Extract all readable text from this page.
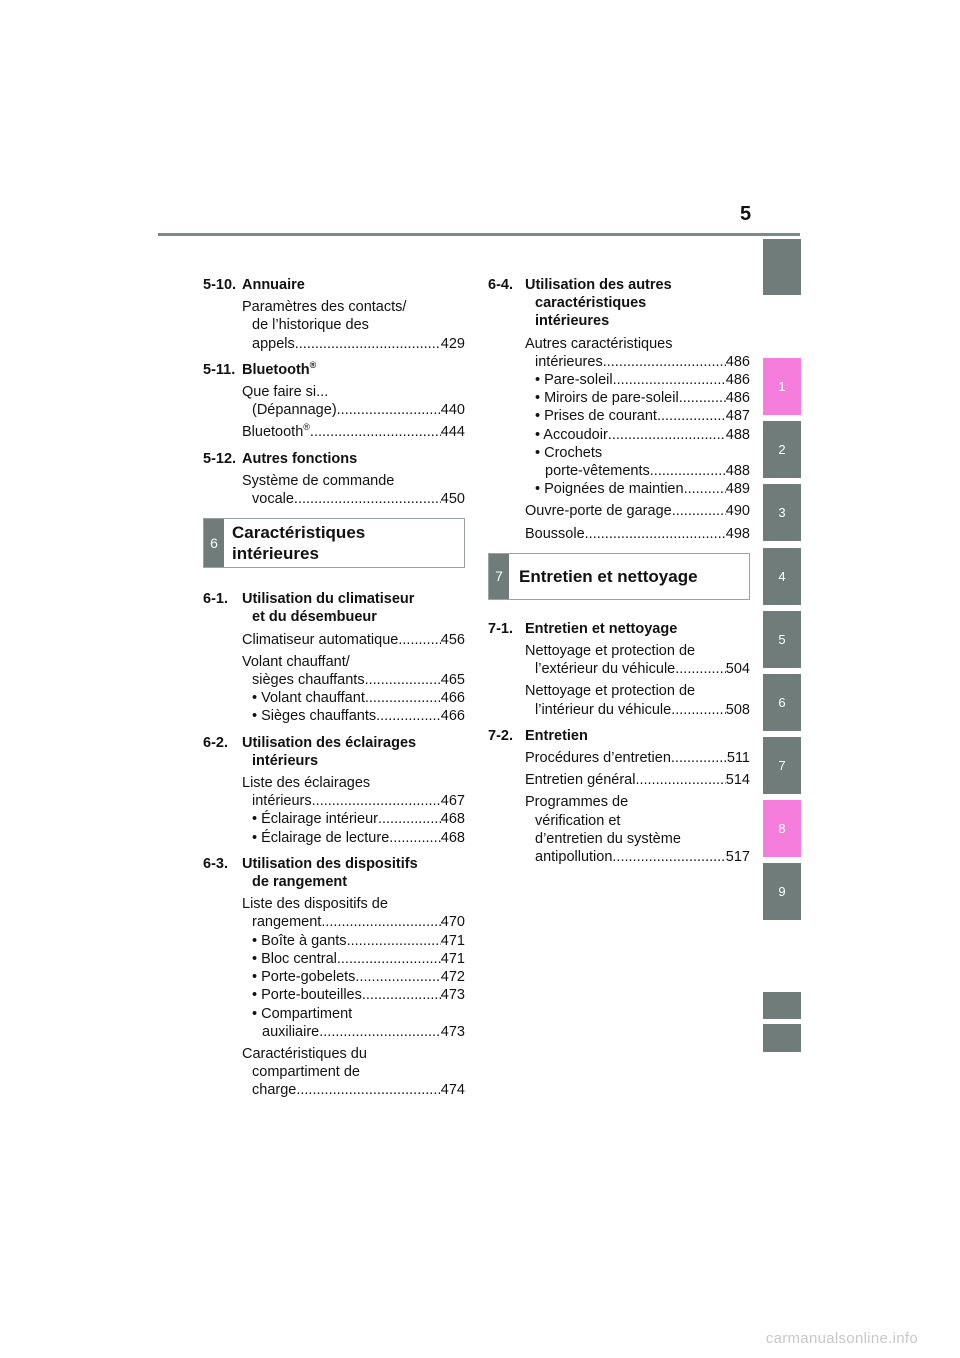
5
1
2
3
4
5
6
7
8
9
5-10. Annuaire
Paramètres des contacts/
de l’historique des
appels .....	429
5-11. Bluetooth®
Que faire si...
(Dépannage) .....	440
Bluetooth® .....	444
5-12. Autres fonctions
Système de commande
vocale .....	450
6
Caractéristiques
intérieures
6-1. Utilisation du climatiseur
et du désembueur
Climatiseur automatique .....	456
Volant chauffant/
sièges chauffants .....	465
• Volant chauffant .....	466
• Sièges chauffants .....	466
6-2. Utilisation des éclairages
intérieurs
Liste des éclairages
intérieurs .....	467
• Éclairage intérieur .....	468
• Éclairage de lecture .....	468
6-3. Utilisation des dispositifs
de rangement
Liste des dispositifs de
rangement .....	470
• Boîte à gants .....	471
• Bloc central .....	471
• Porte-gobelets .....	472
• Porte-bouteilles .....	473
• Compartiment
auxiliaire .....	473
Caractéristiques du
compartiment de
charge .....	474
6-4. Utilisation des autres
caractéristiques
intérieures
Autres caractéristiques
intérieures .....	486
• Pare-soleil .....	486
• Miroirs de pare-soleil .....	486
• Prises de courant .....	487
• Accoudoir .....	488
• Crochets
porte-vêtements .....	488
• Poignées de maintien .....	489
Ouvre-porte de garage .....	490
Boussole .....	498
7 Entretien et nettoyage
7-1. Entretien et nettoyage
Nettoyage et protection de
l’extérieur du véhicule .....	504
Nettoyage et protection de
l’intérieur du véhicule .....	508
7-2. Entretien
Procédures d’entretien .....	511
Entretien général .....	514
Programmes de
vérification et
d’entretien du système
antipollution .....	517
carmanualsonline.info
